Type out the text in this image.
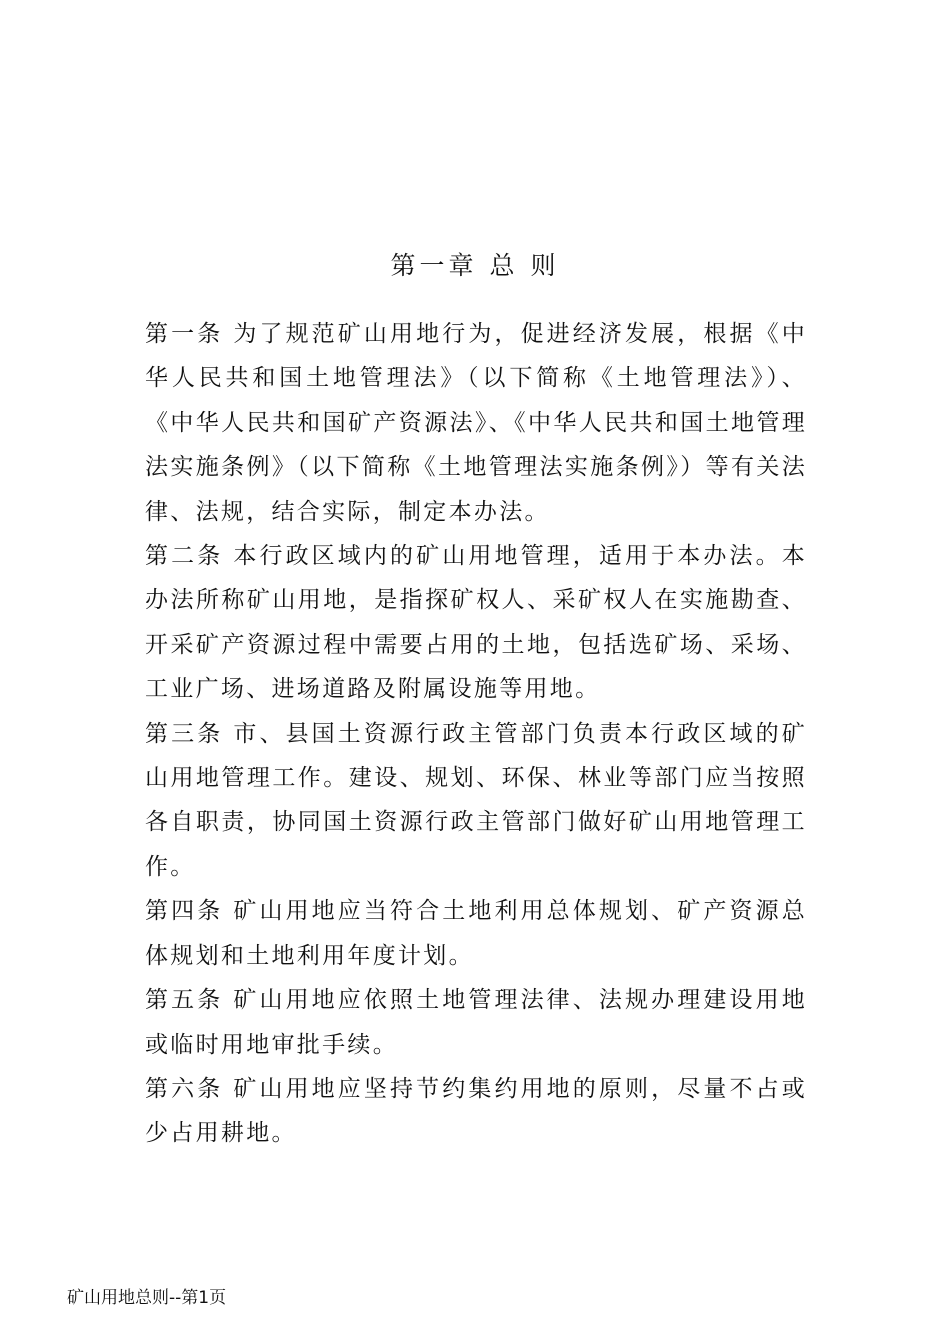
第一章 总 则

第一条 为了规范矿山用地行为，促进经济发展，根据《中华人民共和国土地管理法》（以下简称《土地管理法》）、《中华人民共和国矿产资源法》、《中华人民共和国土地管理法实施条例》（以下简称《土地管理法实施条例》）等有关法律、法规，结合实际，制定本办法。

第二条 本行政区域内的矿山用地管理，适用于本办法。本办法所称矿山用地，是指探矿权人、采矿权人在实施勘查、开采矿产资源过程中需要占用的土地，包括选矿场、采场、工业广场、进场道路及附属设施等用地。

第三条 市、县国土资源行政主管部门负责本行政区域的矿山用地管理工作。建设、规划、环保、林业等部门应当按照各自职责，协同国土资源行政主管部门做好矿山用地管理工作。

第四条 矿山用地应当符合土地利用总体规划、矿产资源总体规划和土地利用年度计划。

第五条 矿山用地应依照土地管理法律、法规办理建设用地或临时用地审批手续。

第六条 矿山用地应坚持节约集约用地的原则，尽量不占或少占用耕地。

矿山用地总则--第1页
